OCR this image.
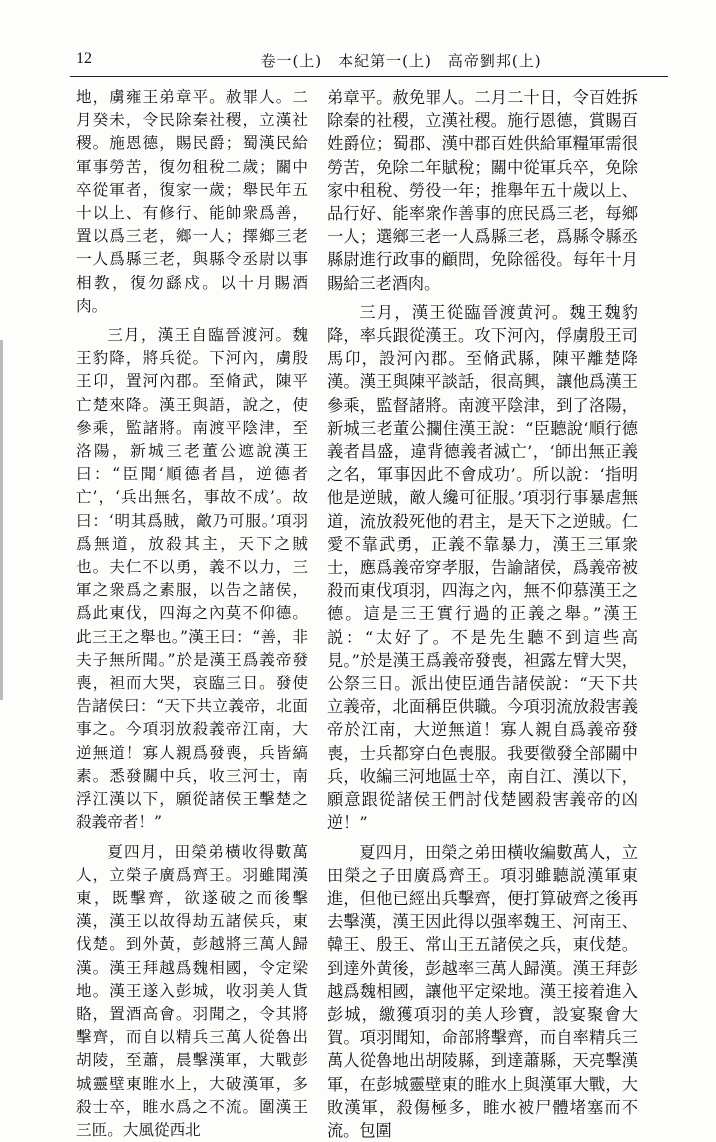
12	卷一(上)　本紀第一(上)　高帝劉邦(上)

地，虜雍王弟章平。赦罪人。二月癸未，令民除秦社稷，立漢社稷。施恩德，賜民爵；蜀漢民給軍事勞苦，復勿租稅二歲；關中卒從軍者，復家一歲；舉民年五十以上、有修行、能帥衆爲善，置以爲三老，鄉一人；擇鄉三老一人爲縣三老，與縣令丞尉以事相教，復勿繇戍。以十月賜酒肉。

三月，漢王自臨晉渡河。魏王豹降，將兵從。下河內，虜殷王卬，置河內郡。至脩武，陳平亡楚來降。漢王與語，說之，使參乘，監諸將。南渡平陰津，至洛陽，新城三老董公遮說漢王曰：“臣聞‘順德者昌，逆德者亡’，‘兵出無名，事故不成’。故曰：‘明其爲賊，敵乃可服。’項羽爲無道，放殺其主，天下之賊也。夫仁不以勇，義不以力，三軍之衆爲之素服，以告之諸侯，爲此東伐，四海之內莫不仰德。此三王之舉也。”漢王曰：“善，非夫子無所聞。”於是漢王爲義帝發喪，袒而大哭，哀臨三日。發使告諸侯曰：“天下共立義帝，北面事之。今項羽放殺義帝江南，大逆無道！寡人親爲發喪，兵皆縞素。悉發關中兵，收三河士，南浮江漢以下，願從諸侯王擊楚之殺義帝者！”

夏四月，田榮弟橫收得數萬人，立榮子廣爲齊王。羽雖聞漢東，既擊齊，欲遂破之而後擊漢，漢王以故得劫五諸侯兵，東伐楚。到外黃，彭越將三萬人歸漢。漢王拜越爲魏相國，令定梁地。漢王遂入彭城，收羽美人貨賂，置酒高會。羽聞之，令其將擊齊，而自以精兵三萬人從魯出胡陵，至蕭，晨擊漢軍，大戰彭城靈壁東睢水上，大破漢軍，多殺士卒，睢水爲之不流。圍漢王三匝。大風從西北

弟章平。赦免罪人。二月二十日，令百姓拆除秦的社稷，立漢社稷。施行恩德，賞賜百姓爵位；蜀郡、漢中郡百姓供給軍糧軍需很勞苦，免除二年賦稅；關中從軍兵卒，免除家中租稅、勞役一年；推舉年五十歲以上、品行好、能率衆作善事的庶民爲三老，每鄉一人；選鄉三老一人爲縣三老，爲縣令縣丞縣尉進行政事的顧問，免除徭役。每年十月賜給三老酒肉。

三月，漢王從臨晉渡黄河。魏王魏豹降，率兵跟從漢王。攻下河內，俘虜殷王司馬卬，設河內郡。至脩武縣，陳平離楚降漢。漢王與陳平談話，很高興，讓他爲漢王參乘，監督諸將。南渡平陰津，到了洛陽，新城三老董公攔住漢王說：“臣聽說‘順行德義者昌盛，違背德義者滅亡’，‘師出無正義之名，軍事因此不會成功’。所以說：‘指明他是逆賊，敵人纔可征服。’項羽行事暴虐無道，流放殺死他的君主，是天下之逆賊。仁愛不靠武勇，正義不靠暴力，漢王三軍衆士，應爲義帝穿孝服，告諭諸侯，爲義帝被殺而東伐項羽，四海之內，無不仰慕漢王之德。這是三王實行過的正義之舉。”漢王説：“太好了。不是先生聽不到這些高見。”於是漢王爲義帝發喪，袒露左臂大哭，公祭三日。派出使臣通告諸侯說：“天下共立義帝，北面稱臣供職。今項羽流放殺害義帝於江南，大逆無道！寡人親自爲義帝發喪，士兵都穿白色喪服。我要徵發全部關中兵，收編三河地區士卒，南自江、漢以下，願意跟從諸侯王們討伐楚國殺害義帝的凶逆！”

夏四月，田榮之弟田橫收編數萬人，立田榮之子田廣爲齊王。項羽雖聽説漢軍東進，但他已經出兵擊齊，便打算破齊之後再去擊漢，漢王因此得以强率魏王、河南王、韓王、殷王、常山王五諸侯之兵，東伐楚。到達外黄後，彭越率三萬人歸漢。漢王拜彭越爲魏相國，讓他平定梁地。漢王接着進入彭城，繳獲項羽的美人珍寶，設宴聚會大賀。項羽聞知，命部將擊齊，而自率精兵三萬人從魯地出胡陵縣，到達蕭縣，天亮擊漢軍，在彭城靈壁東的睢水上與漢軍大戰，大敗漢軍，殺傷極多，睢水被尸體堵塞而不流。包圍
